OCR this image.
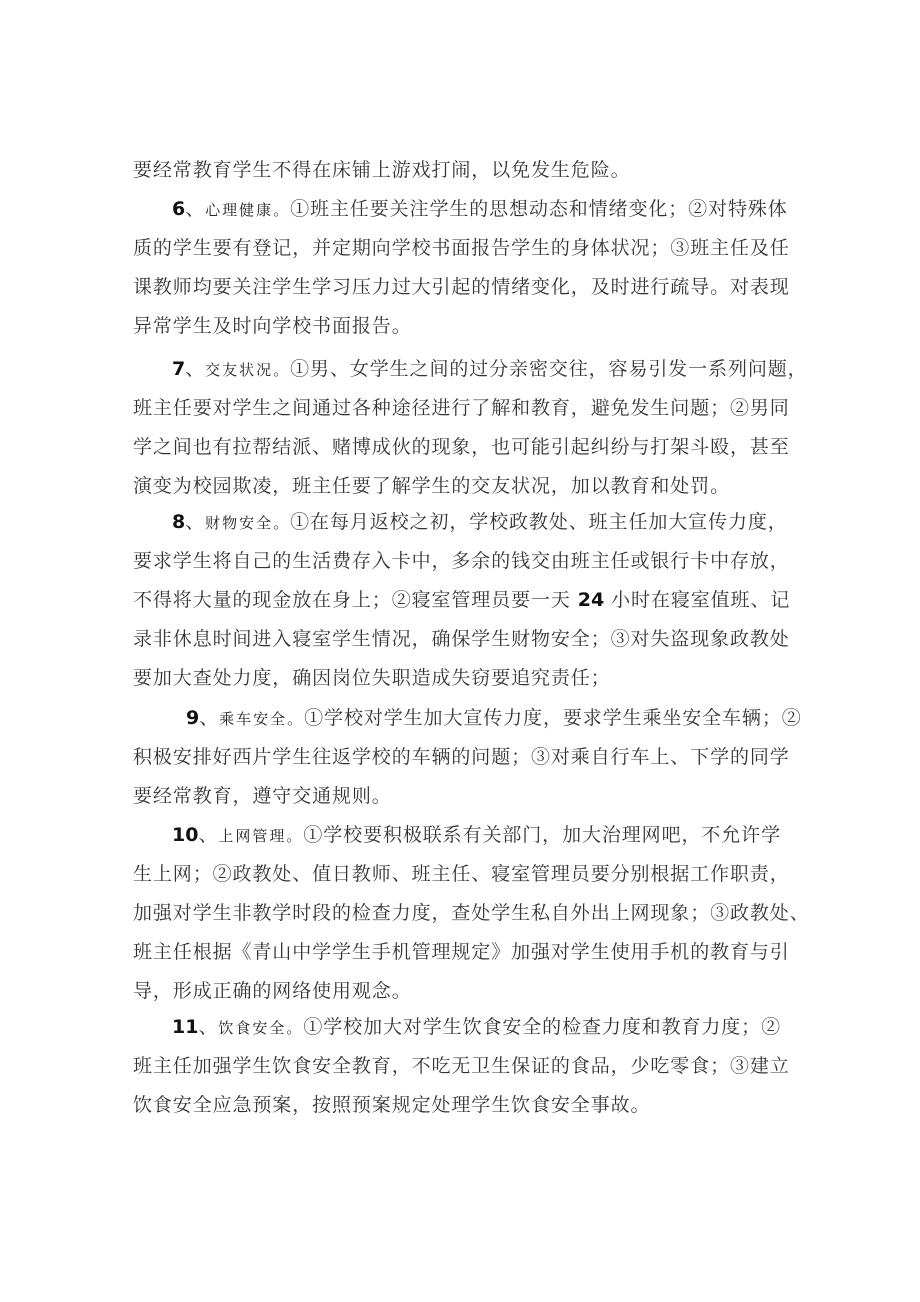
要经常教育学生不得在床铺上游戏打闹，以免发生危险。
6、心理健康。①班主任要关注学生的思想动态和情绪变化；②对特殊体
质的学生要有登记，并定期向学校书面报告学生的身体状况；③班主任及任
课教师均要关注学生学习压力过大引起的情绪变化，及时进行疏导。对表现
异常学生及时向学校书面报告。
7、交友状况。①男、女学生之间的过分亲密交往，容易引发一系列问题，
班主任要对学生之间通过各种途径进行了解和教育，避免发生问题；②男同
学之间也有拉帮结派、赌博成伙的现象，也可能引起纠纷与打架斗殴，甚至
演变为校园欺凌，班主任要了解学生的交友状况，加以教育和处罚。
8、财物安全。①在每月返校之初，学校政教处、班主任加大宣传力度，
要求学生将自己的生活费存入卡中，多余的钱交由班主任或银行卡中存放，
不得将大量的现金放在身上；②寝室管理员要一天 24 小时在寝室值班、记
录非休息时间进入寝室学生情况，确保学生财物安全；③对失盗现象政教处
要加大查处力度，确因岗位失职造成失窃要追究责任；
9、乘车安全。①学校对学生加大宣传力度，要求学生乘坐安全车辆；②
积极安排好西片学生往返学校的车辆的问题；③对乘自行车上、下学的同学
要经常教育，遵守交通规则。
10、上网管理。①学校要积极联系有关部门，加大治理网吧，不允许学
生上网；②政教处、值日教师、班主任、寝室管理员要分别根据工作职责，
加强对学生非教学时段的检查力度，查处学生私自外出上网现象；③政教处、
班主任根据《青山中学学生手机管理规定》加强对学生使用手机的教育与引
导，形成正确的网络使用观念。
11、饮食安全。①学校加大对学生饮食安全的检查力度和教育力度；②
班主任加强学生饮食安全教育，不吃无卫生保证的食品，少吃零食；③建立
饮食安全应急预案，按照预案规定处理学生饮食安全事故。
